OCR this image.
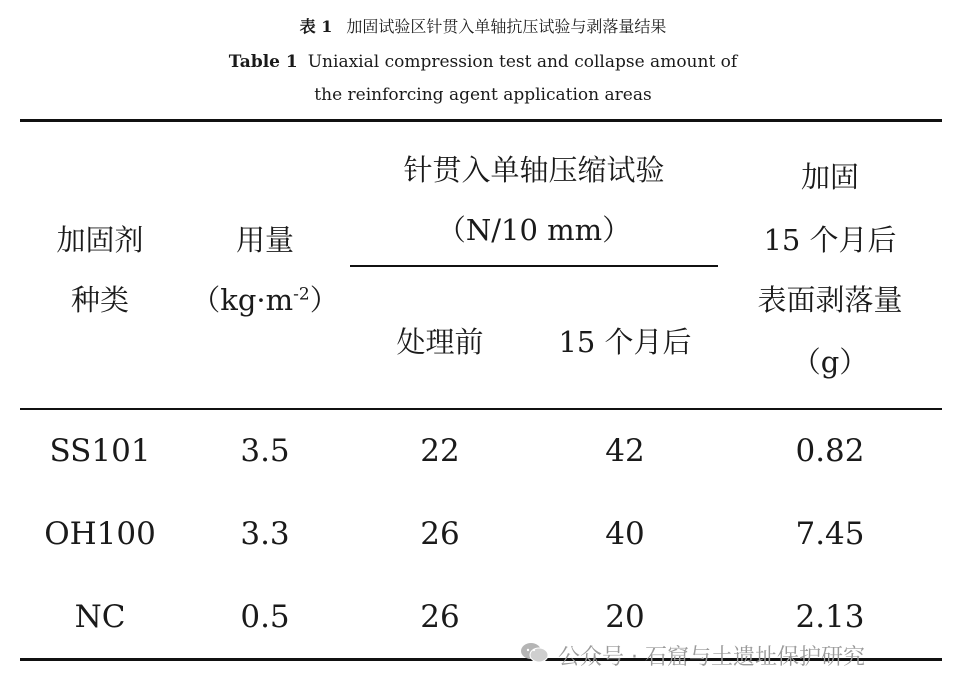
表 1 加固试验区针贯入单轴抗压试验与剥落量结果
Table 1 Uniaxial compression test and collapse amount of
the reinforcing agent application areas
加固剂
种类
用量
$(kg\cdot m^{-2})$
针贯入单轴压缩试验
（N/10 mm）
处理前	15 个月后
加固
15 个月后
表面剥落量
（g）
SS101	3.5	22	42	0.82
OH100	3.3	26	40	7.45
NC	0.5	26	20	2.13
公众号 · 石窟与土遗址保护研究
